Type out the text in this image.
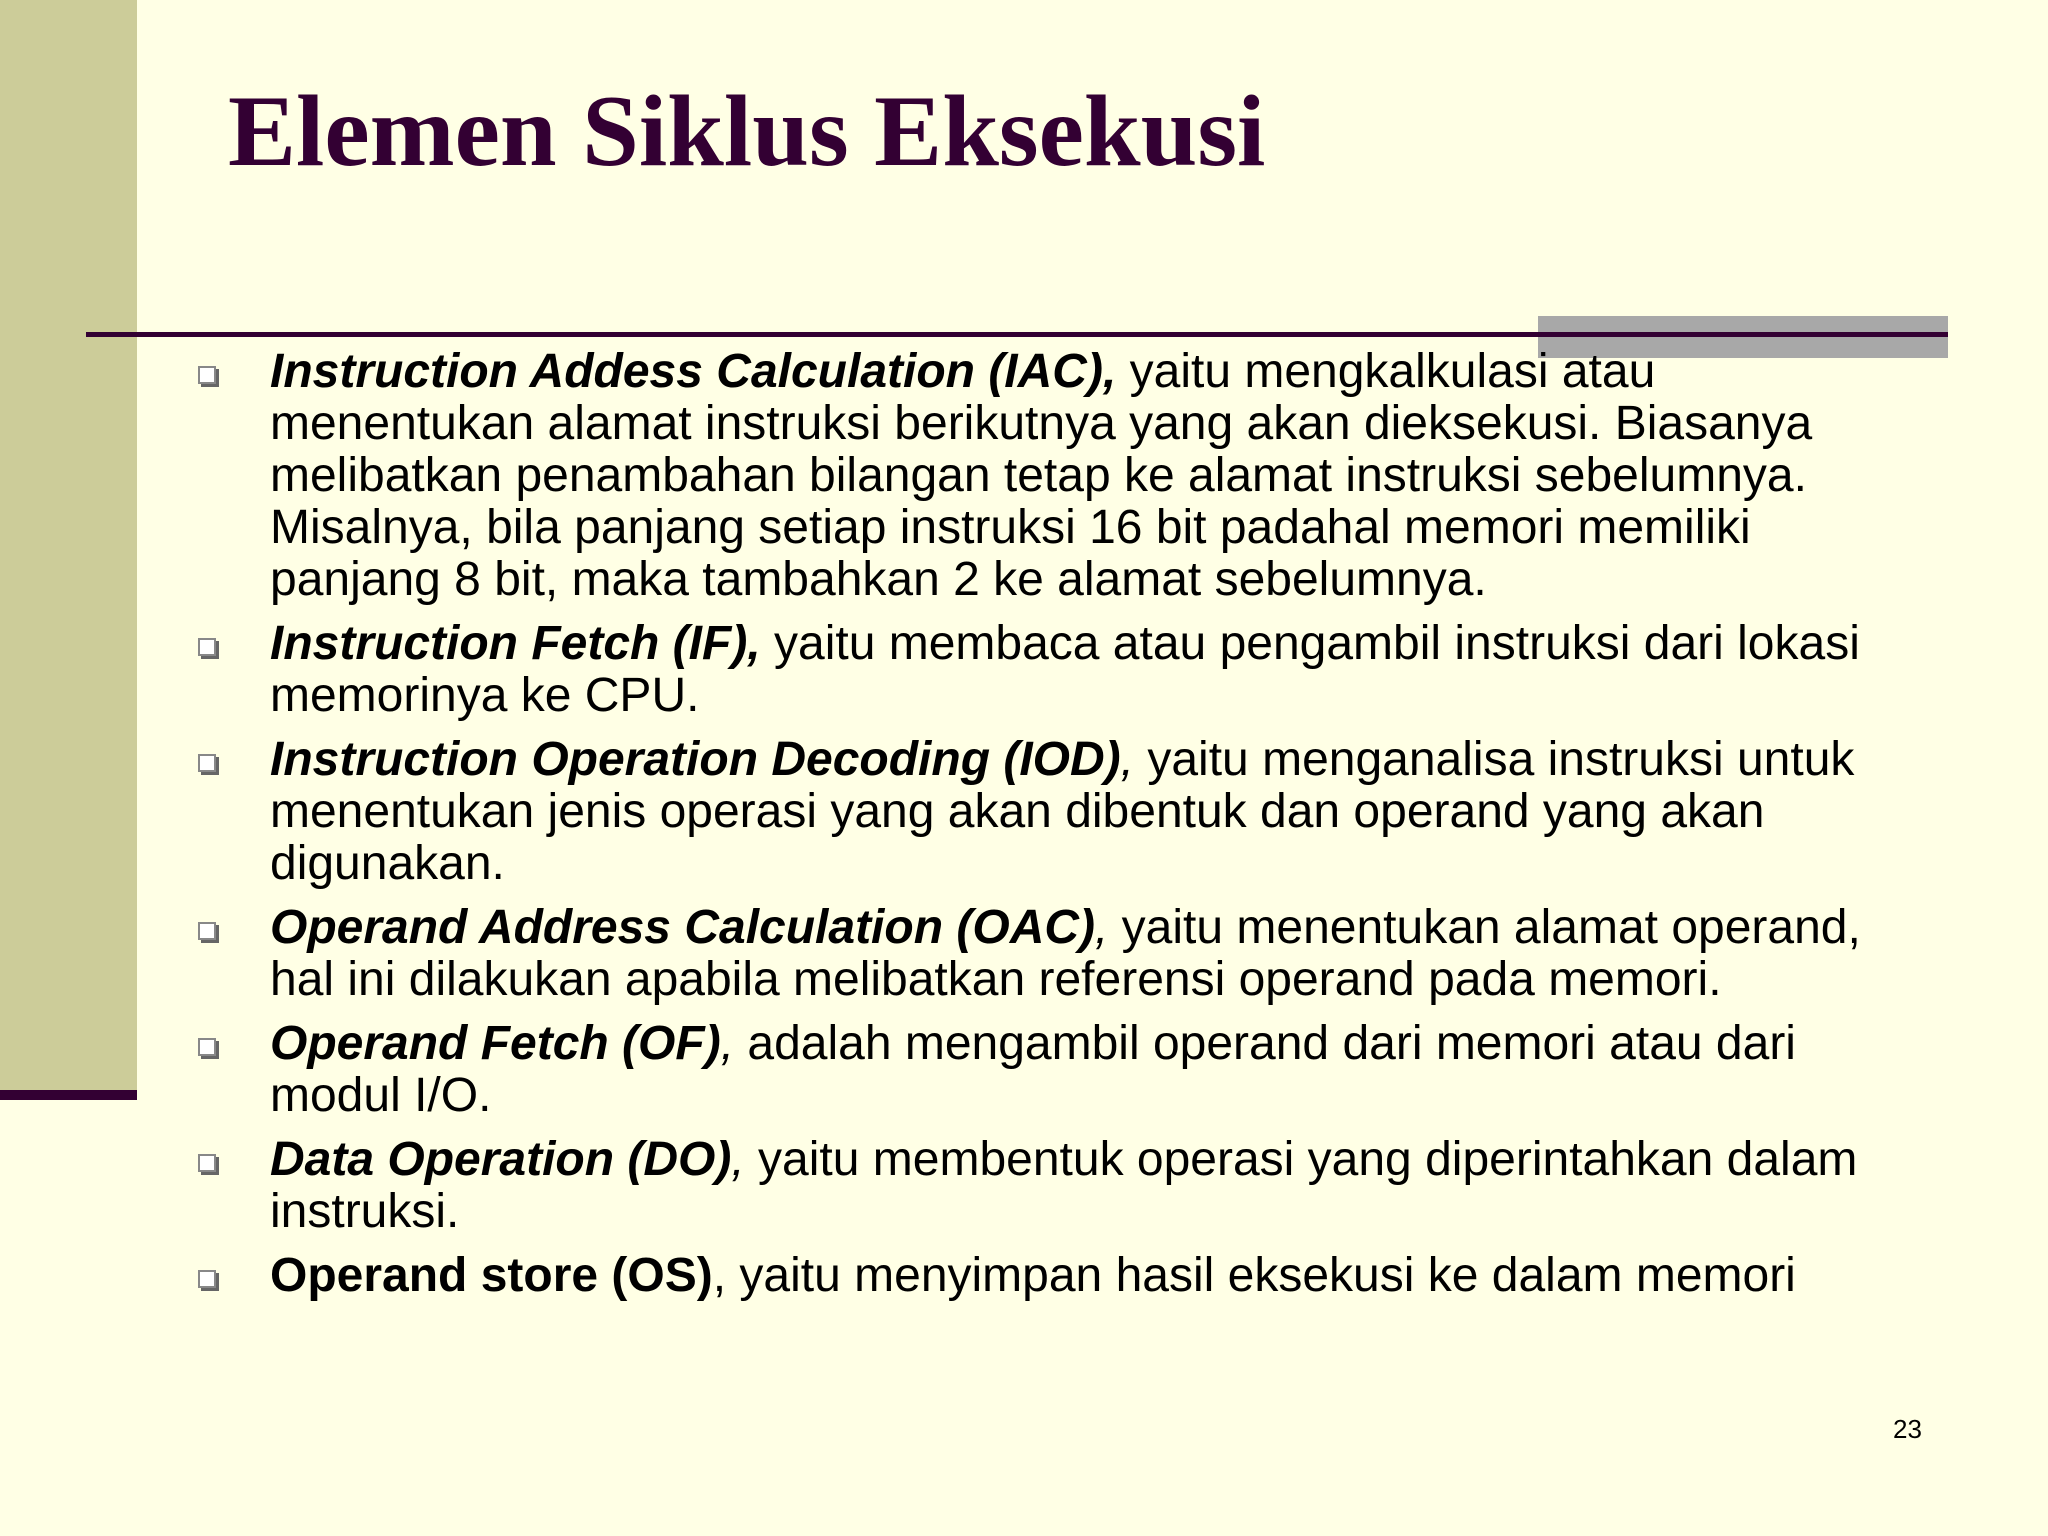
Elemen Siklus Eksekusi
Instruction Addess Calculation (IAC), yaitu mengkalkulasi atau menentukan alamat instruksi berikutnya yang akan dieksekusi. Biasanya melibatkan penambahan bilangan tetap ke alamat instruksi sebelumnya. Misalnya, bila panjang setiap instruksi 16 bit padahal memori memiliki panjang 8 bit, maka tambahkan 2 ke alamat sebelumnya.
Instruction Fetch (IF), yaitu membaca atau pengambil instruksi dari lokasi memorinya ke CPU.
Instruction Operation Decoding (IOD), yaitu menganalisa instruksi untuk menentukan jenis operasi yang akan dibentuk dan operand yang akan digunakan.
Operand Address Calculation (OAC), yaitu menentukan alamat operand, hal ini dilakukan apabila melibatkan referensi operand pada memori.
Operand Fetch (OF), adalah mengambil operand dari memori atau dari modul I/O.
Data Operation (DO), yaitu membentuk operasi yang diperintahkan dalam instruksi.
Operand store (OS), yaitu menyimpan hasil eksekusi ke dalam memori
23
